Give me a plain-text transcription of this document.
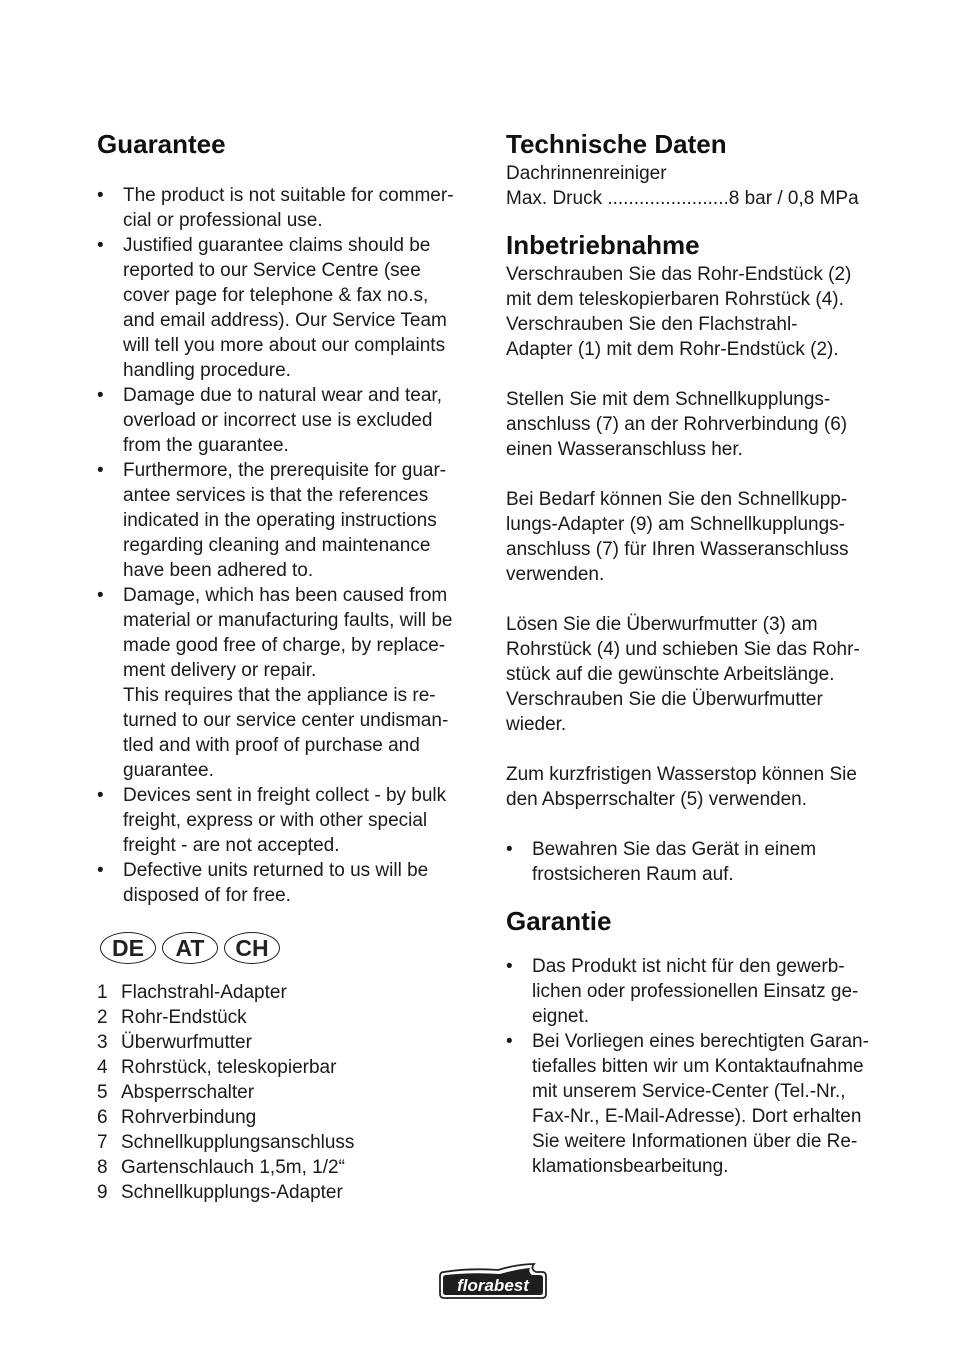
Guarantee
• The product is not suitable for commer-
cial or professional use.
• Justified guarantee claims should be
reported to our Service Centre (see
cover page for telephone & fax no.s,
and email address). Our Service Team
will tell you more about our complaints
handling procedure.
• Damage due to natural wear and tear,
overload or incorrect use is excluded
from the guarantee.
• Furthermore, the prerequisite for guar-
antee services is that the references
indicated in the operating instructions
regarding cleaning and maintenance
have been adhered to.
• Damage, which has been caused from
material or manufacturing faults, will be
made good free of charge, by replace-
ment delivery or repair.
This requires that the appliance is re-
turned to our service center undisman-
tled and with proof of purchase and
guarantee.
• Devices sent in freight collect - by bulk
freight, express or with other special
freight - are not accepted.
• Defective units returned to us will be
disposed of for free.
DE	AT	CH
1 Flachstrahl-Adapter
2 Rohr-Endstück
3 Überwurfmutter
4 Rohrstück, teleskopierbar
5 Absperrschalter
6 Rohrverbindung
7 Schnellkupplungsanschluss
8 Gartenschlauch 1,5m, 1/2“
9 Schnellkupplungs-Adapter
Technische Daten
Dachrinnenreiniger
Max. Druck ....................... 8 bar / 0,8 MPa
Inbetriebnahme
Verschrauben Sie das Rohr-Endstück (2)
mit dem teleskopierbaren Rohrstück (4).
Verschrauben Sie den Flachstrahl-
Adapter (1) mit dem Rohr-Endstück (2).
Stellen Sie mit dem Schnellkupplungs-
anschluss (7) an der Rohrverbindung (6)
einen Wasseranschluss her.
Bei Bedarf können Sie den Schnellkupp-
lungs-Adapter (9) am Schnellkupplungs-
anschluss (7) für Ihren Wasseranschluss
verwenden.
Lösen Sie die Überwurfmutter (3) am
Rohrstück (4) und schieben Sie das Rohr-
stück auf die gewünschte Arbeitslänge.
Verschrauben Sie die Überwurfmutter
wieder.
Zum kurzfristigen Wasserstop können Sie
den Absperrschalter (5) verwenden.
• Bewahren Sie das Gerät in einem
frostsicheren Raum auf.
Garantie
• Das Produkt ist nicht für den gewerb-
lichen oder professionellen Einsatz ge-
eignet.
• Bei Vorliegen eines berechtigten Garan-
tiefalles bitten wir um Kontaktaufnahme
mit unserem Service-Center (Tel.-Nr.,
Fax-Nr., E-Mail-Adresse). Dort erhalten
Sie weitere Informationen über die Re-
klamationsbearbeitung.
florabest
